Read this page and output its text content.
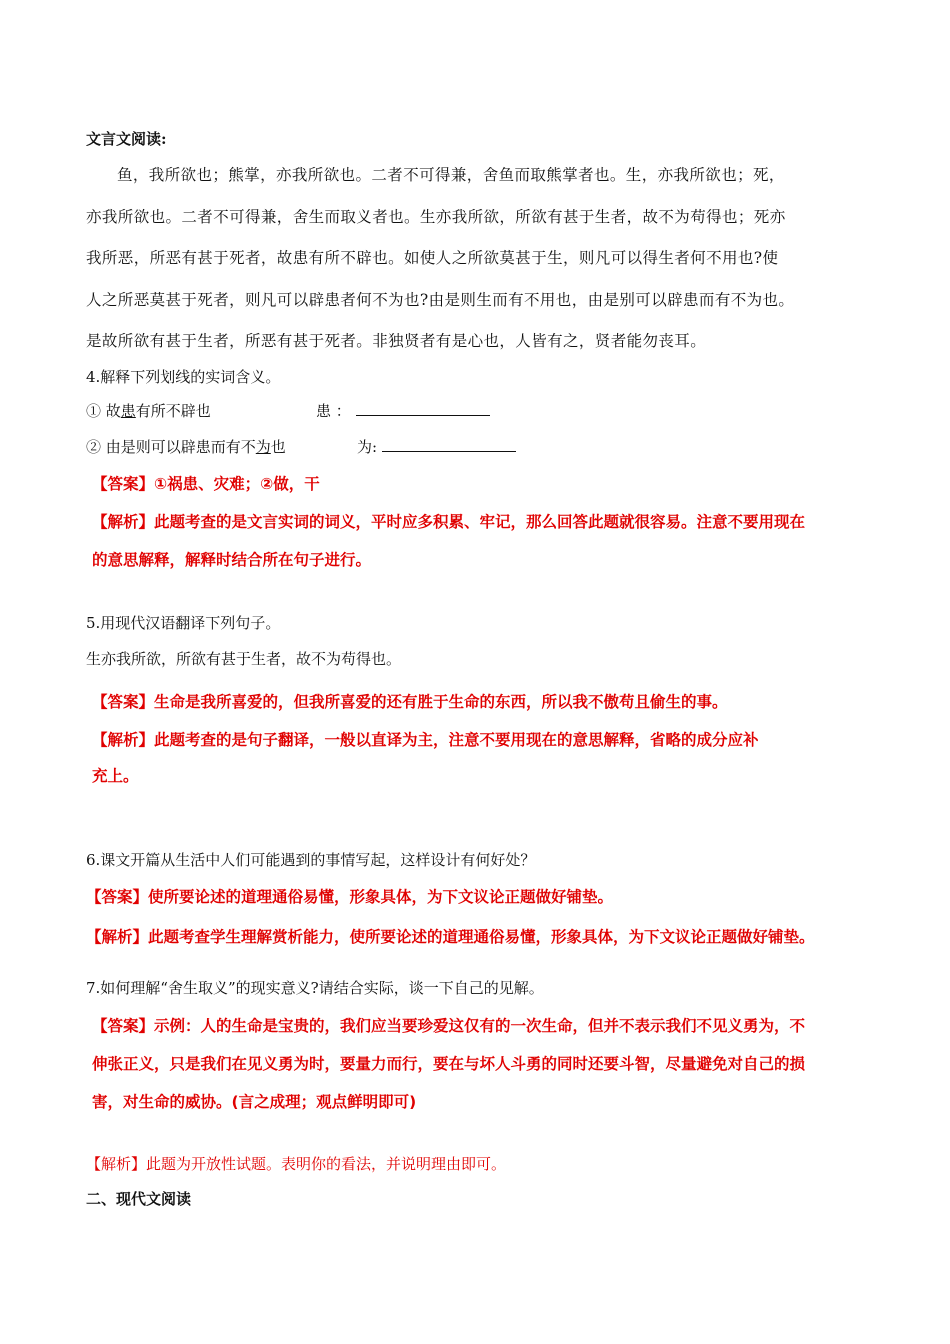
文言文阅读:
鱼，我所欲也；熊掌，亦我所欲也。二者不可得兼，舍鱼而取熊掌者也。生，亦我所欲也；死，
亦我所欲也。二者不可得兼，舍生而取义者也。生亦我所欲，所欲有甚于生者，故不为苟得也；死亦
我所恶，所恶有甚于死者，故患有所不辟也。如使人之所欲莫甚于生，则凡可以得生者何不用也?使
人之所恶莫甚于死者，则凡可以辟患者何不为也?由是则生而有不用也，由是别可以辟患而有不为也。
是故所欲有甚于生者，所恶有甚于死者。非独贤者有是心也，人皆有之，贤者能勿丧耳。
4.解释下列划线的实词含义。
① 故患有所不辟也	患 ：
② 由是则可以辟患而有不为也	为:
【答案】①祸患、灾难；②做，干
【解析】此题考查的是文言实词的词义，平时应多积累、牢记，那么回答此题就很容易。注意不要用现在
的意思解释，解释时结合所在句子进行。
5.用现代汉语翻译下列句子。
生亦我所欲，所欲有甚于生者，故不为苟得也。
【答案】生命是我所喜爱的，但我所喜爱的还有胜于生命的东西，所以我不傲苟且偷生的事。
【解析】此题考查的是句子翻译，一般以直译为主，注意不要用现在的意思解释，省略的成分应补
充上。
6.课文开篇从生活中人们可能遇到的事情写起，这样设计有何好处？
【答案】使所要论述的道理通俗易懂，形象具体，为下文议论正题做好铺垫。
【解析】此题考查学生理解赏析能力，使所要论述的道理通俗易懂，形象具体，为下文议论正题做好铺垫。
7.如何理解“舍生取义”的现实意义?请结合实际，谈一下自己的见解。
【答案】示例：人的生命是宝贵的，我们应当要珍爱这仅有的一次生命，但并不表示我们不见义勇为，不
伸张正义，只是我们在见义勇为时，要量力而行，要在与坏人斗勇的同时还要斗智，尽量避免对自己的损
害，对生命的威协。(言之成理；观点鲜明即可)
【解析】此题为开放性试题。表明你的看法，并说明理由即可。
二、现代文阅读
